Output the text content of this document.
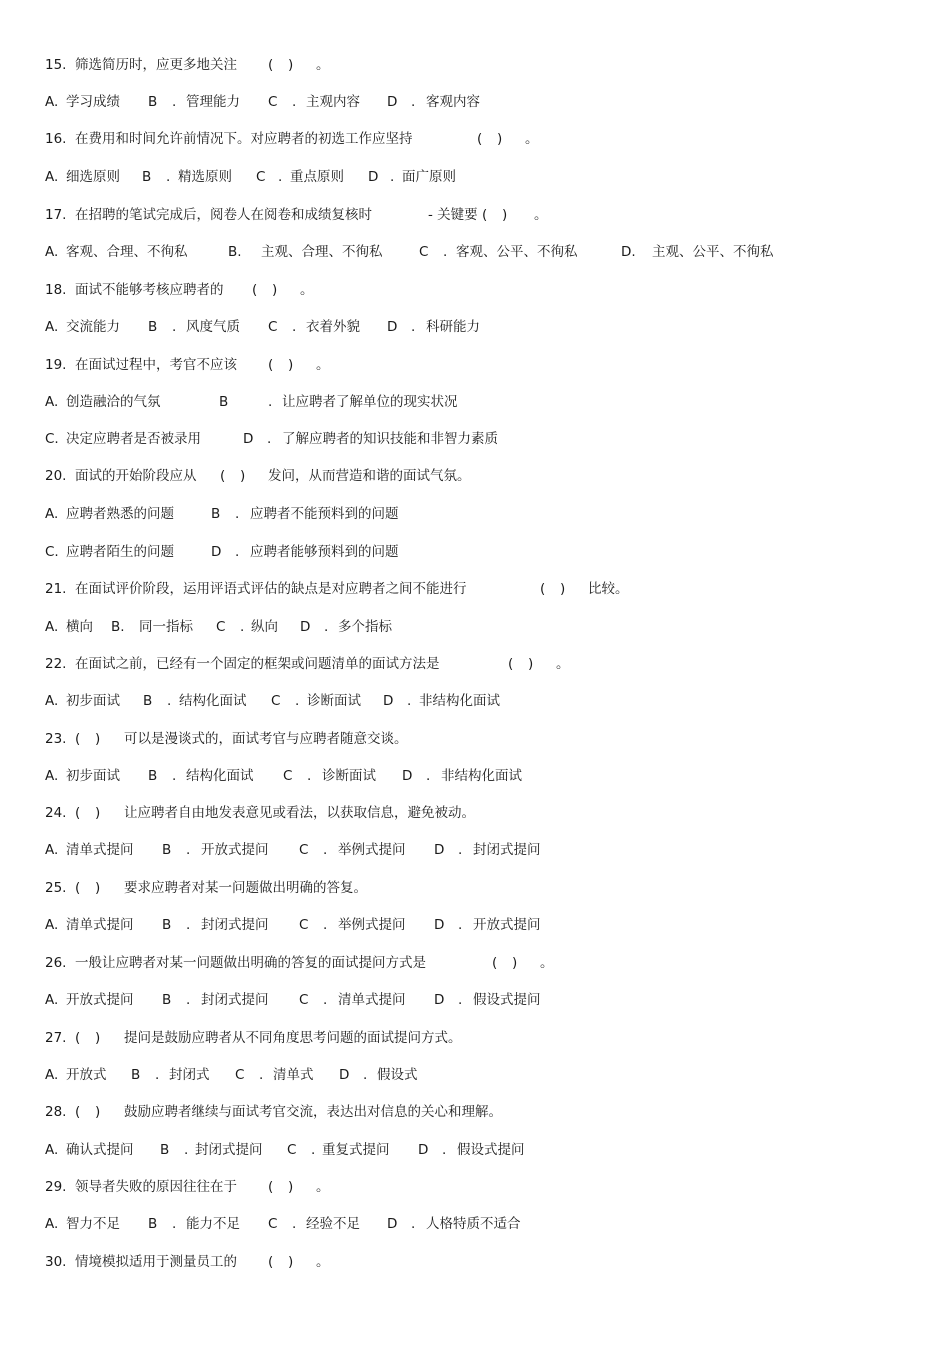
15. 筛选简历时，应更多地关注 ( ) 。
A. 学习成绩 B . 管理能力 C . 主观内容 D . 客观内容
16. 在费用和时间允许前情况下。对应聘者的初选工作应坚持	( ) 。
A. 细选原则 B . 精选原则 C . 重点原则 D . 面广原则
17. 在招聘的笔试完成后，阅卷人在阅卷和成绩复核时	- 关键要 ( ) 。
A. 客观、合理、不徇私	B. 主观、合理、不徇私	C . 客观、公平、不徇私	D. 主观、公平、不徇私
18. 面试不能够考核应聘者的 ( ) 。
A. 交流能力 B . 风度气质 C . 衣着外貌 D . 科研能力
19. 在面试过程中，考官不应该 ( ) 。
A. 创造融洽的气氛	B	. 让应聘者了解单位的现实状况
C. 决定应聘者是否被录用	D . 了解应聘者的知识技能和非智力素质
20. 面试的开始阶段应从 ( ) 发问，从而营造和谐的面试气氛。
A. 应聘者熟悉的问题	B . 应聘者不能预料到的问题
C. 应聘者陌生的问题	D . 应聘者能够预料到的问题
21. 在面试评价阶段，运用评语式评估的缺点是对应聘者之间不能进行	( ) 比较。
A. 横向 B. 同一指标 C . 纵向 D . 多个指标
22. 在面试之前，已经有一个固定的框架或问题清单的面试方法是	( ) 。
A. 初步面试 B . 结构化面试 C . 诊断面试 D . 非结构化面试
23. ( ) 可以是漫谈式的，面试考官与应聘者随意交谈。
A. 初步面试 B . 结构化面试 C . 诊断面试 D . 非结构化面试
24. ( ) 让应聘者自由地发表意见或看法，以获取信息，避免被动。
A. 清单式提问 B . 开放式提问 C . 举例式提问 D . 封闭式提问
25. ( ) 要求应聘者对某一问题做出明确的答复。
A. 清单式提问 B . 封闭式提问 C . 举例式提问 D . 开放式提问
26. 一般让应聘者对某一问题做出明确的答复的面试提问方式是	( ) 。
A. 开放式提问 B . 封闭式提问 C . 清单式提问 D . 假设式提问
27. ( ) 提问是鼓励应聘者从不同角度思考问题的面试提问方式。
A. 开放式 B . 封闭式 C . 清单式 D . 假设式
28. ( ) 鼓励应聘者继续与面试考官交流，表达出对信息的关心和理解。
A. 确认式提问 B . 封闭式提问 C . 重复式提问 D . 假设式提问
29. 领导者失败的原因往往在于 ( ) 。
A. 智力不足 B . 能力不足 C . 经验不足 D . 人格特质不适合
30. 情境模拟适用于测量员工的 ( ) 。
